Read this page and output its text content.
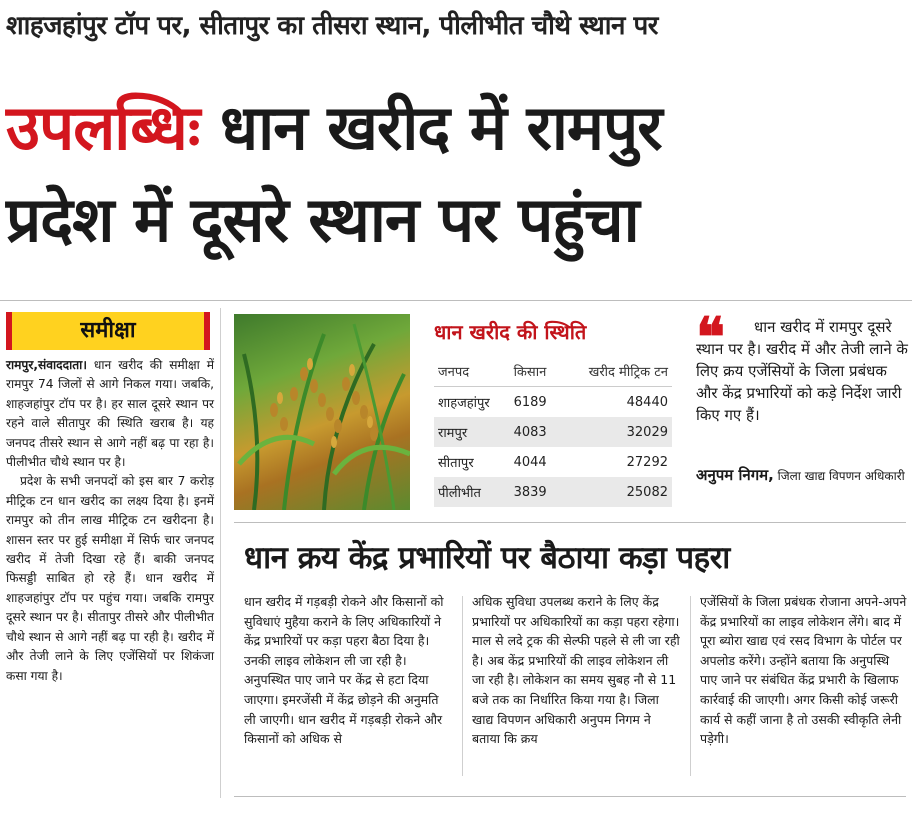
शाहजहांपुर टॉप पर, सीतापुर का तीसरा स्थान, पीलीभीत चौथे स्थान पर
उपलब्धिः धान खरीद में रामपुर
प्रदेश में दूसरे स्थान पर पहुंचा
समीक्षा

रामपुर,संवाददाता। धान खरीद की समीक्षा में रामपुर 74 जिलों से आगे निकल गया। जबकि, शाहजहांपुर टॉप पर है। हर साल दूसरे स्थान पर रहने वाले सीतापुर की स्थिति खराब है। यह जनपद तीसरे स्थान से आगे नहीं बढ़ पा रहा है। पीलीभीत चौथे स्थान पर है।

प्रदेश के सभी जनपदों को इस बार 7 करोड़ मीट्रिक टन धान खरीद का लक्ष्य दिया है। इनमें रामपुर को तीन लाख मीट्रिक टन खरीदना है। शासन स्तर पर हुई समीक्षा में सिर्फ चार जनपद खरीद में तेजी दिखा रहे हैं। बाकी जनपद फिसड्डी साबित हो रहे हैं। धान खरीद में शाहजहांपुर टॉप पर पहुंच गया। जबकि रामपुर दूसरे स्थान पर है। सीतापुर तीसरे और पीलीभीत चौथे स्थान से आगे नहीं बढ़ पा रही है। खरीद में और तेजी लाने के लिए एजेंसियों पर शिकंजा कसा गया है।

धान खरीद की स्थिति
जनपद	किसान	खरीद मीट्रिक टन
शाहजहांपुर	6189	48440
रामपुर	4083	32029
सीतापुर	4044	27292
पीलीभीत	3839	25082
❝	धान खरीद में रामपुर दूसरे स्थान पर है। खरीद में और तेजी लाने के लिए क्रय एजेंसियों के जिला प्रबंधक और केंद्र प्रभारियों को कड़े निर्देश जारी किए गए हैं।
अनुपम निगम, जिला खाद्य विपणन अधिकारी
धान क्रय केंद्र प्रभारियों पर बैठाया कड़ा पहरा
धान खरीद में गड़बड़ी रोकने और किसानों को सुविधाएं मुहैया कराने के लिए अधिकारियों ने केंद्र प्रभारियों पर कड़ा पहरा बैठा दिया है। उनकी लाइव लोकेशन ली जा रही है। अनुपस्थित पाए जाने पर केंद्र से हटा दिया जाएगा। इमरजेंसी में केंद्र छोड़ने की अनुमति ली जाएगी। धान खरीद में गड़बड़ी रोकने और किसानों को अधिक से
अधिक सुविधा उपलब्ध कराने के लिए केंद्र प्रभारियों पर अधिकारियों का कड़ा पहरा रहेगा। माल से लदे ट्रक की सेल्फी पहले से ली जा रही है। अब केंद्र प्रभारियों की लाइव लोकेशन ली जा रही है। लोकेशन का समय सुबह नौ से 11 बजे तक का निर्धारित किया गया है। जिला खाद्य विपणन अधिकारी अनुपम निगम ने बताया कि क्रय
एजेंसियों के जिला प्रबंधक रोजाना अपने-अपने केंद्र प्रभारियों का लाइव लोकेशन लेंगे। बाद में पूरा ब्योरा खाद्य एवं रसद विभाग के पोर्टल पर अपलोड करेंगे। उन्होंने बताया कि अनुपस्थि पाए जाने पर संबंधित केंद्र प्रभारी के खिलाफ कार्रवाई की जाएगी। अगर किसी कोई जरूरी कार्य से कहीं जाना है तो उसकी स्वीकृति लेनी पड़ेगी।
